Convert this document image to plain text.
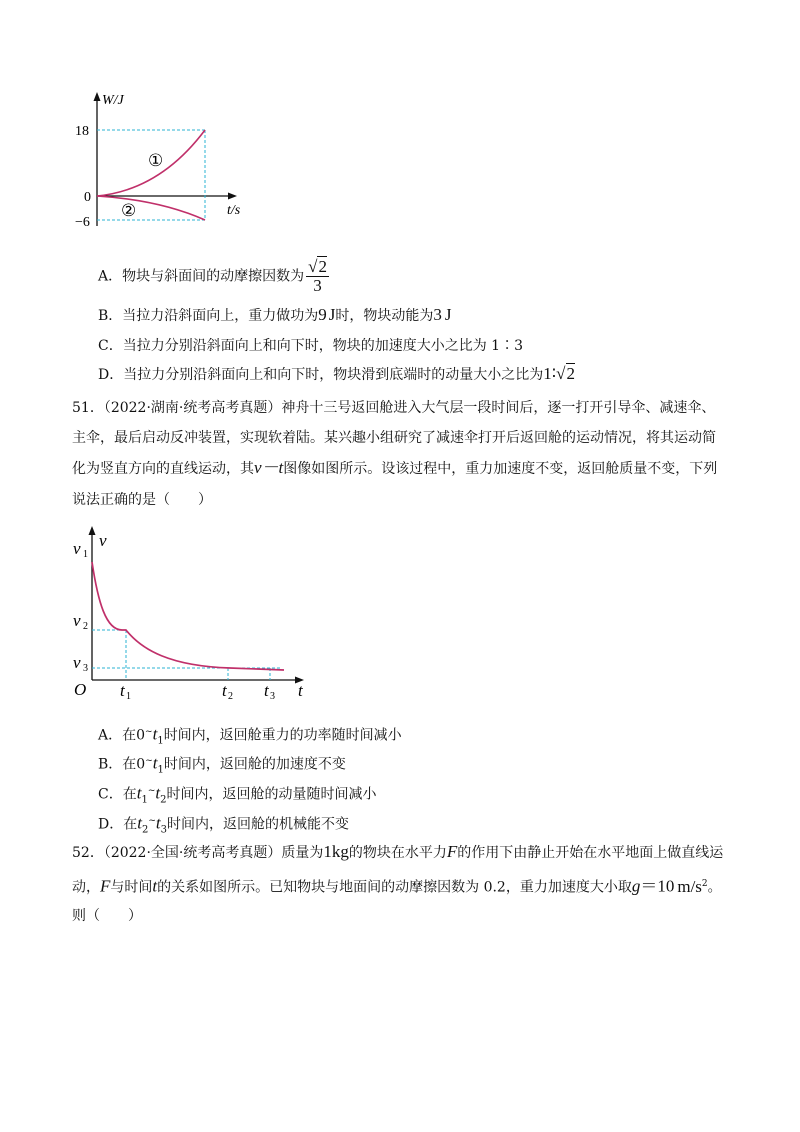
W/J
18
0
−6
t/s
①
②
A．物块与斜面间的动摩擦因数为 $\frac{√2}{3}$
B．当拉力沿斜面向上，重力做功为9 J时，物块动能为3 J
C．当拉力分别沿斜面向上和向下时，物块的加速度大小之比为 1∶3
D．当拉力分别沿斜面向上和向下时，物块滑到底端时的动量大小之比为1∶√2
51．（2022·湖南·统考高考真题）神舟十三号返回舱进入大气层一段时间后，逐一打开引导伞、减速伞、
主伞，最后启动反冲装置，实现软着陆。某兴趣小组研究了减速伞打开后返回舱的运动情况，将其运动简
化为竖直方向的直线运动，其v－t图像如图所示。设该过程中，重力加速度不变，返回舱质量不变，下列
说法正确的是（　　）
v 1
v
v 2
v 3
O t 1	t 2 t 3 t
A．在$0^\sim t_1$时间内，返回舱重力的功率随时间减小
B．在$0^\sim t_1$时间内，返回舱的加速度不变
C．在$t_1^\sim t_2$时间内，返回舱的动量随时间减小
D．在$t_2^\sim t_3$时间内，返回舱的机械能不变
52．（2022·全国·统考高考真题）质量为1kg的物块在水平力F的作用下由静止开始在水平地面上做直线运
动，F与时间t的关系如图所示。已知物块与地面间的动摩擦因数为 0.2，重力加速度大小取g＝10 $m/s^2$。
则（　　）
